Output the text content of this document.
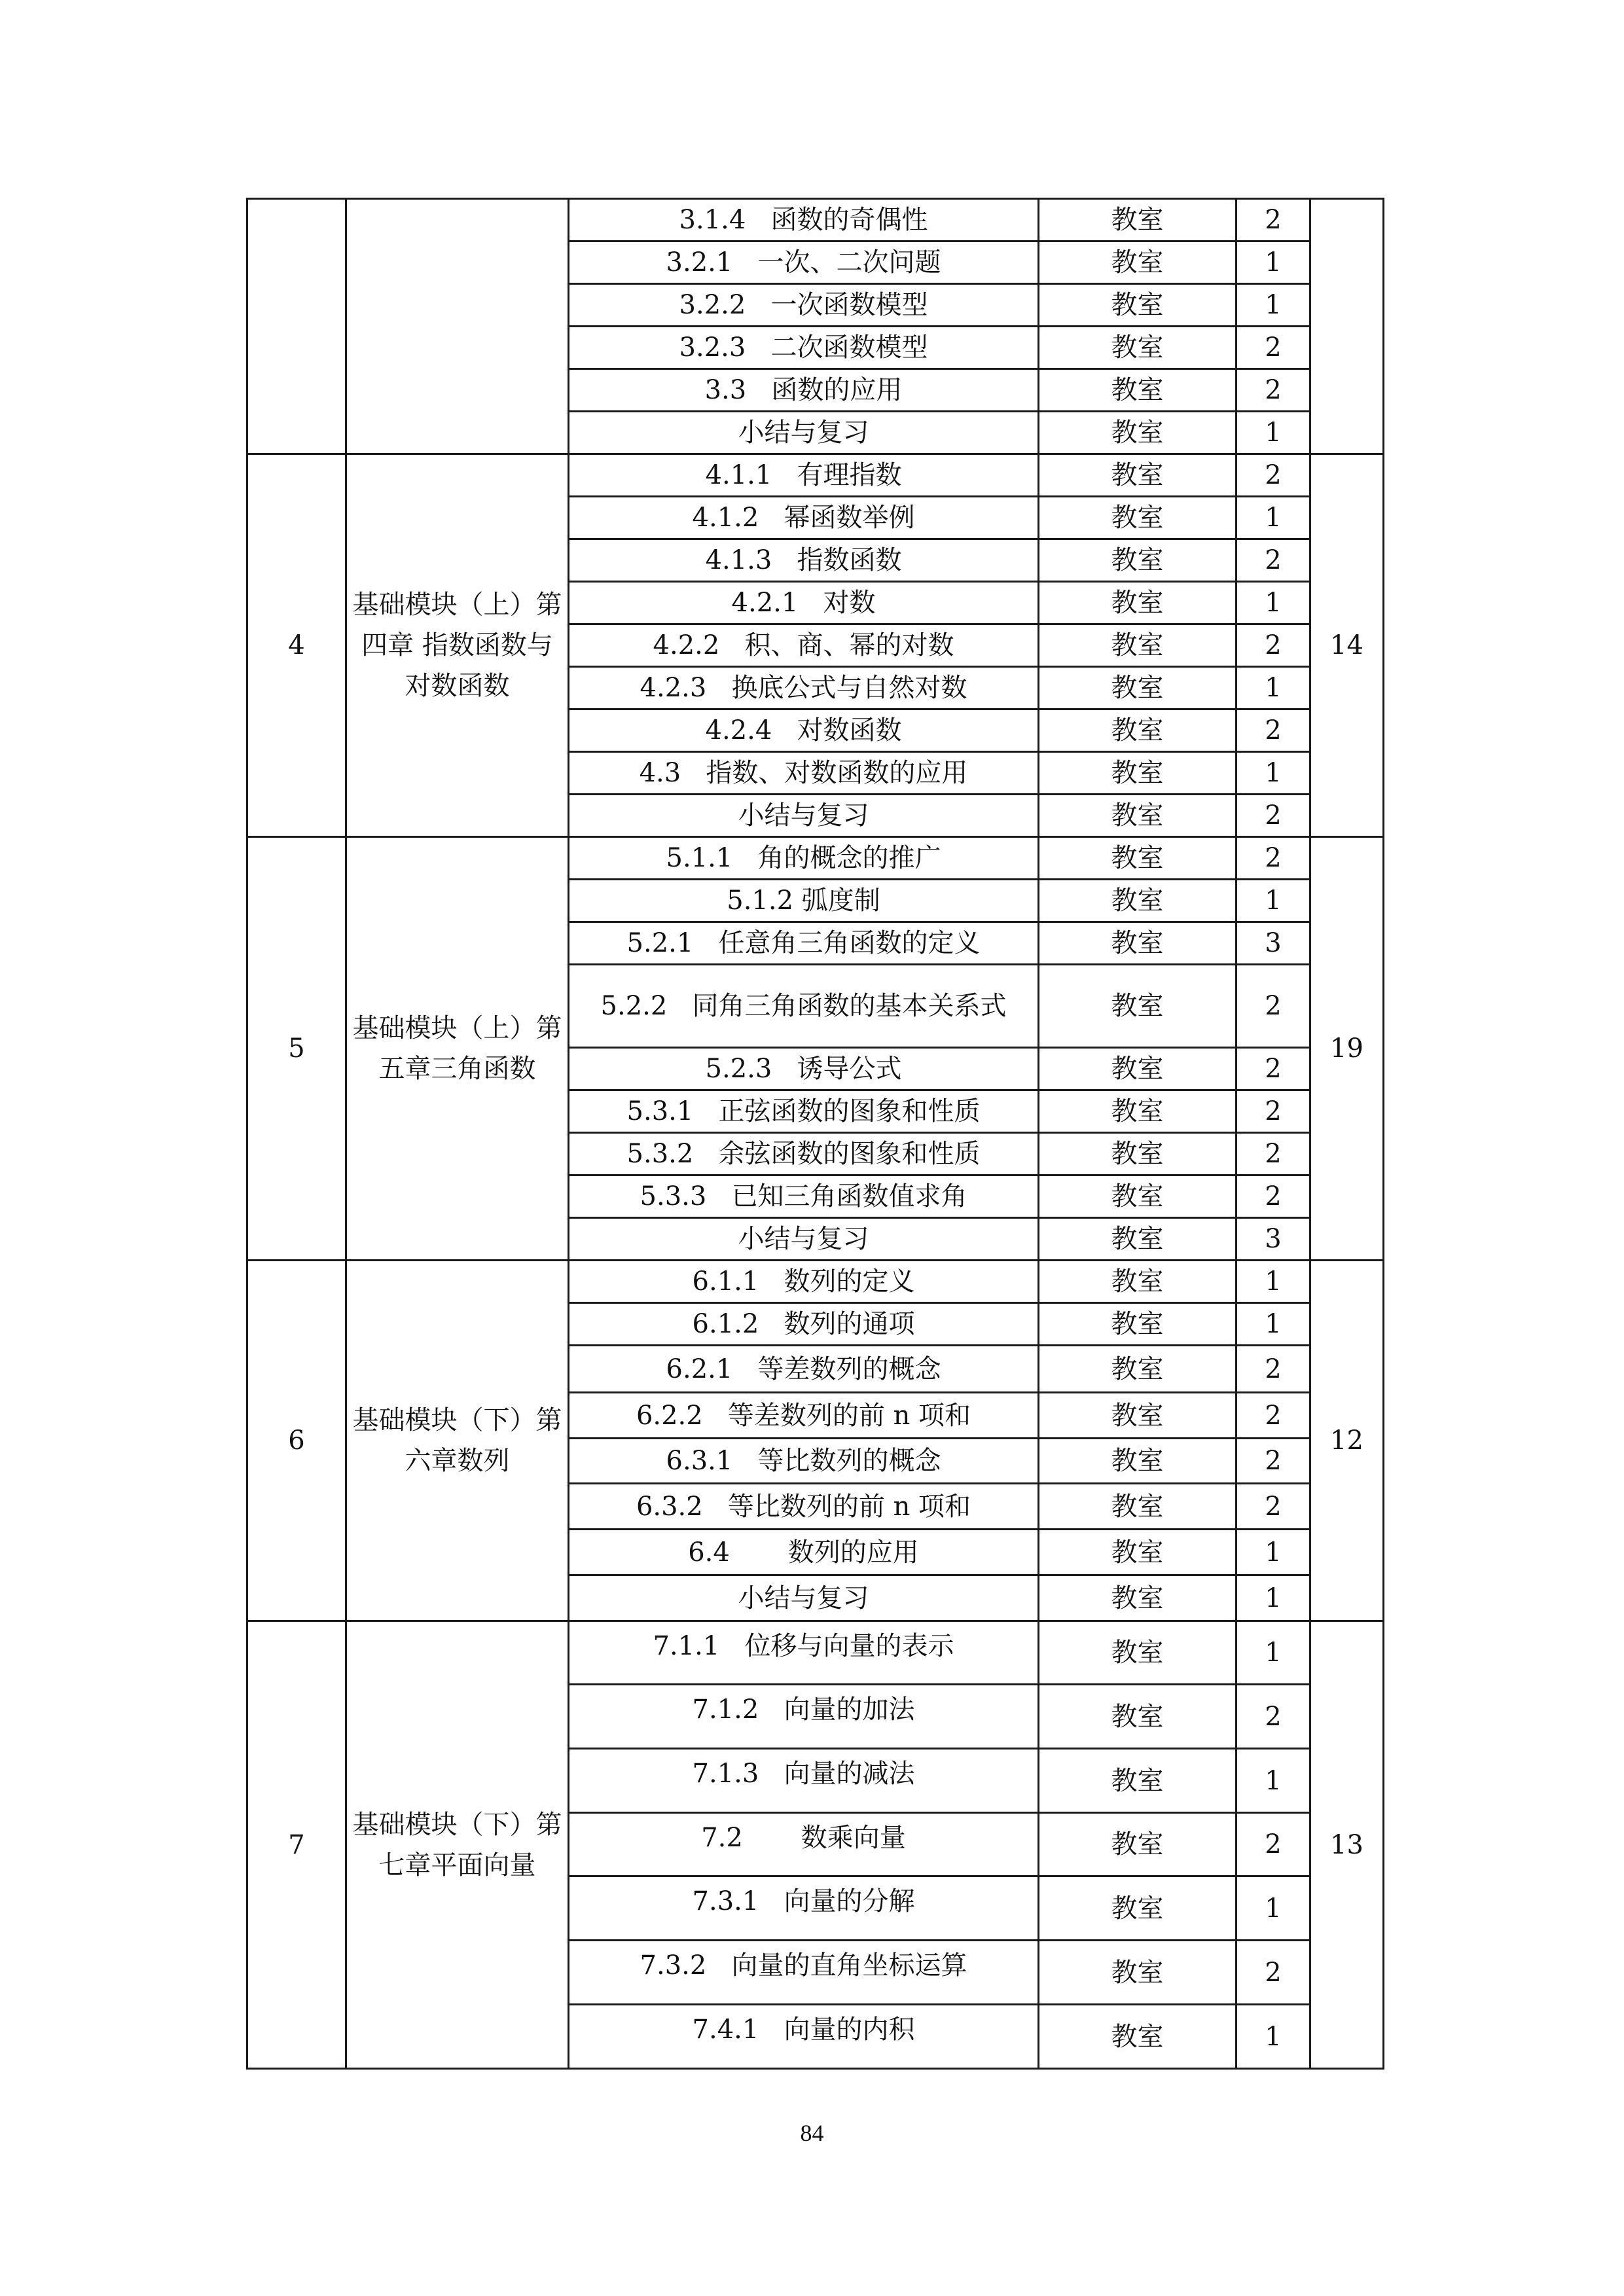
		3.1.4   函数的奇偶性	教室	2	
		3.2.1   一次、二次问题	教室	1	
		3.2.2   一次函数模型	教室	1	
		3.2.3   二次函数模型	教室	2	
		3.3   函数的应用	教室	2	
		小结与复习	教室	1	
4	基础模块（上）第四章 指数函数与对数函数	4.1.1   有理指数	教室	2	14
		4.1.2   幂函数举例	教室	1	
		4.1.3   指数函数	教室	2	
		4.2.1   对数	教室	1	
		4.2.2   积、商、幂的对数	教室	2	
		4.2.3   换底公式与自然对数	教室	1	
		4.2.4   对数函数	教室	2	
		4.3   指数、对数函数的应用	教室	1	
		小结与复习	教室	2	
5	基础模块（上）第五章三角函数	5.1.1   角的概念的推广	教室	2	19
		5.1.2 弧度制	教室	1	
		5.2.1   任意角三角函数的定义	教室	3	
		5.2.2   同角三角函数的基本关系式	教室	2	
		5.2.3   诱导公式	教室	2	
		5.3.1   正弦函数的图象和性质	教室	2	
		5.3.2   余弦函数的图象和性质	教室	2	
		5.3.3   已知三角函数值求角	教室	2	
		小结与复习	教室	3	
6	基础模块（下）第六章数列	6.1.1   数列的定义	教室	1	12
		6.1.2   数列的通项	教室	1	
		6.2.1   等差数列的概念	教室	2	
		6.2.2   等差数列的前 n 项和	教室	2	
		6.3.1   等比数列的概念	教室	2	
		6.3.2   等比数列的前 n 项和	教室	2	
		6.4       数列的应用	教室	1	
		小结与复习	教室	1	
7	基础模块（下）第七章平面向量	7.1.1   位移与向量的表示	教室	1	13
		7.1.2   向量的加法	教室	2	
		7.1.3   向量的减法	教室	1	
		7.2       数乘向量	教室	2	
		7.3.1   向量的分解	教室	1	
		7.3.2   向量的直角坐标运算	教室	2	
		7.4.1   向量的内积	教室	1	
84
